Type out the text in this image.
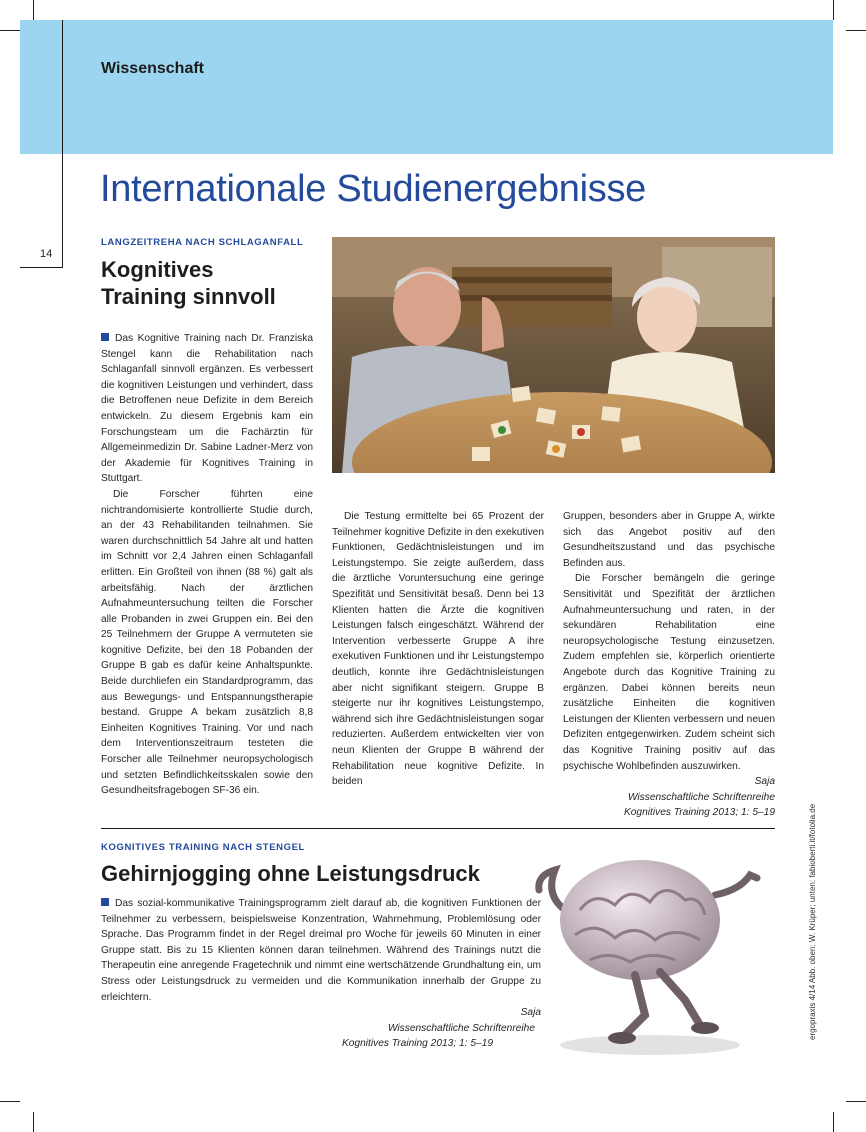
Wissenschaft
14
Internationale Studienergebnisse
LANGZEITREHA NACH SCHLAGANFALL
Kognitives
Training sinnvoll

Das Kognitive Training nach Dr. Franziska Stengel kann die Rehabilitation nach Schlaganfall sinnvoll ergänzen. Es verbessert die kognitiven Leistungen und verhindert, dass die Betroffenen neue Defizite in dem Bereich entwickeln. Zu diesem Ergebnis kam ein Forschungsteam um die Fachärztin für Allgemeinmedizin Dr. Sabine Ladner-Merz von der Akademie für Kognitives Training in Stuttgart.

Die Forscher führten eine nichtrandomisierte kontrollierte Studie durch, an der 43 Rehabilitanden teilnahmen. Sie waren durchschnittlich 54 Jahre alt und hatten im Schnitt vor 2,4 Jahren einen Schlaganfall erlitten. Ein Großteil von ihnen (88 %) galt als arbeitsfähig. Nach der ärztlichen Aufnahmeuntersuchung teilten die Forscher alle Probanden in zwei Gruppen ein. Bei den 25 Teilnehmern der Gruppe A vermuteten sie kognitive Defizite, bei den 18 Pobanden der Gruppe B gab es dafür keine Anhaltspunkte. Beide durchliefen ein Standardprogramm, das aus Bewegungs- und Entspannungstherapie bestand. Gruppe A bekam zusätzlich 8,8 Einheiten Kognitives Training. Vor und nach dem Interventionszeitraum testeten die Forscher alle Teilnehmer neuropsychologisch und setzten Befindlichkeitsskalen sowie den Gesundheitsfragebogen SF-36 ein.

Die Testung ermittelte bei 65 Prozent der Teilnehmer kognitive Defizite in den exekutiven Funktionen, Gedächtnisleistungen und im Leistungstempo. Sie zeigte außerdem, dass die ärztliche Voruntersuchung eine geringe Spezifität und Sensitivität besaß. Denn bei 13 Klienten hatten die Ärzte die kognitiven Leistungen falsch eingeschätzt. Während der Intervention verbesserte Gruppe A ihre exekutiven Funktionen und ihr Leistungstempo deutlich, konnte ihre Gedächtnisleistungen aber nicht signifikant steigern. Gruppe B steigerte nur ihr kognitives Leistungstempo, während sich ihre Gedächtnisleistungen sogar reduzierten. Außerdem entwickelten vier von neun Klienten der Gruppe B während der Rehabilitation neue kognitive Defizite. In beiden

Gruppen, besonders aber in Gruppe A, wirkte sich das Angebot positiv auf den Gesundheitszustand und das psychische Befinden aus.

Die Forscher bemängeln die geringe Sensitivität und Spezifität der ärztlichen Aufnahmeuntersuchung und raten, in der sekundären Rehabilitation eine neuropsychologische Testung einzusetzen. Zudem empfehlen sie, körperlich orientierte Angebote durch das Kognitive Training zu ergänzen. Dabei können bereits neun zusätzliche Einheiten die kognitiven Leistungen der Klienten verbessern und neuen Defiziten entgegenwirken. Zudem scheint sich das Kognitive Training positiv auf das psychische Wohlbefinden auszuwirken.

Saja
Wissenschaftliche Schriftenreihe
Kognitives Training 2013; 1: 5–19
KOGNITIVES TRAINING NACH STENGEL
Gehirnjogging ohne Leistungsdruck

Das sozial-kommunikative Trainingsprogramm zielt darauf ab, die kognitiven Funktionen der Teilnehmer zu verbessern, beispielsweise Konzentration, Wahrnehmung, Problemlösung oder Sprache. Das Programm findet in der Regel dreimal pro Woche für jeweils 60 Minuten in einer Gruppe statt. Bis zu 15 Klienten können daran teilnehmen. Während des Trainings nutzt die Therapeutin eine anregende Fragetechnik und nimmt eine wertschätzende Grundhaltung ein, um Stress oder Leistungsdruck zu vermeiden und die Kommunikation innerhalb der Gruppe zu erleichtern.

Saja
Wissenschaftliche Schriftenreihe
Kognitives Training 2013; 1: 5–19
ergopraxis 4/14 Abb. oben: W. Krüper; unten: fabioberti.it/fotolia.de
